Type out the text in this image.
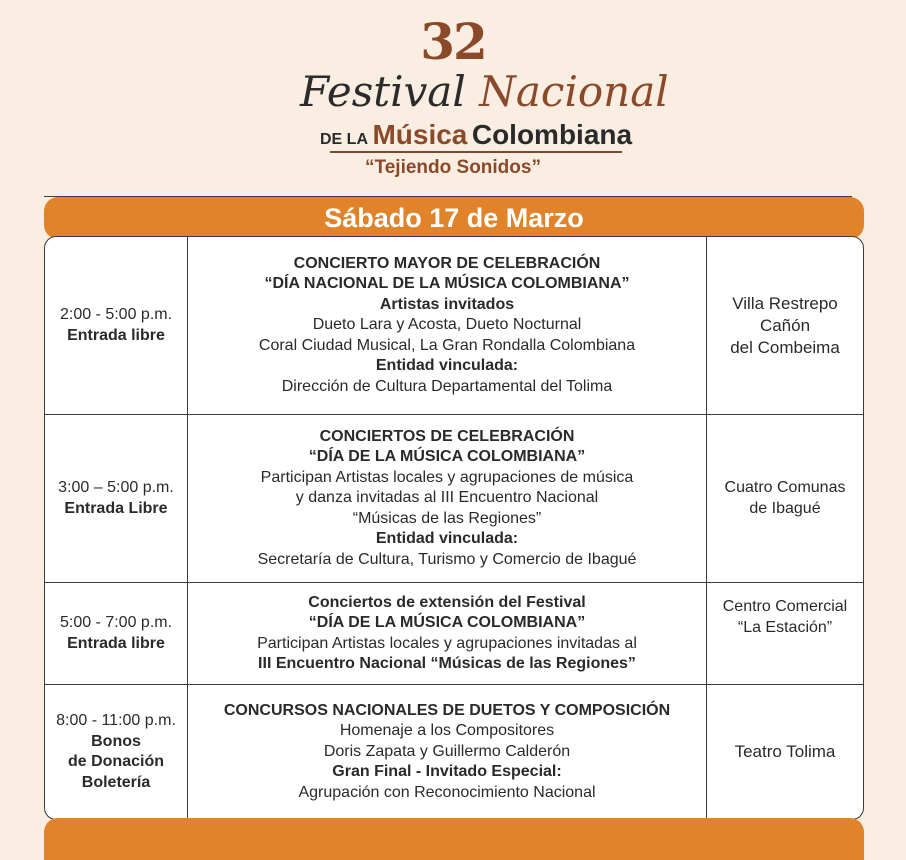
32
Festival Nacional
DE LA Música Colombiana
“Tejiendo Sonidos”
Sábado 17 de Marzo
2:00 - 5:00 p.m.
Entrada libre
CONCIERTO MAYOR DE CELEBRACIÓN
“DÍA NACIONAL DE LA MÚSICA COLOMBIANA”
Artistas invitados
Dueto Lara y Acosta, Dueto Nocturnal
Coral Ciudad Musical, La Gran Rondalla Colombiana
Entidad vinculada:
Dirección de Cultura Departamental del Tolima
Villa Restrepo
Cañón
del Combeima
3:00 – 5:00 p.m.
Entrada Libre
CONCIERTOS DE CELEBRACIÓN
“DÍA DE LA MÚSICA COLOMBIANA”
Participan Artistas locales y agrupaciones de música
y danza invitadas al III Encuentro Nacional
“Músicas de las Regiones”
Entidad vinculada:
Secretaría de Cultura, Turismo y Comercio de Ibagué
Cuatro Comunas
de Ibagué
5:00 - 7:00 p.m.
Entrada libre
Conciertos de extensión del Festival
“DÍA DE LA MÚSICA COLOMBIANA”
Participan Artistas locales y agrupaciones invitadas al
III Encuentro Nacional “Músicas de las Regiones”
Centro Comercial
“La Estación”
8:00 - 11:00 p.m.
Bonos
de Donación
Boletería
CONCURSOS NACIONALES DE DUETOS Y COMPOSICIÓN
Homenaje a los Compositores
Doris Zapata y Guillermo Calderón
Gran Final - Invitado Especial:
Agrupación con Reconocimiento Nacional
Teatro Tolima
